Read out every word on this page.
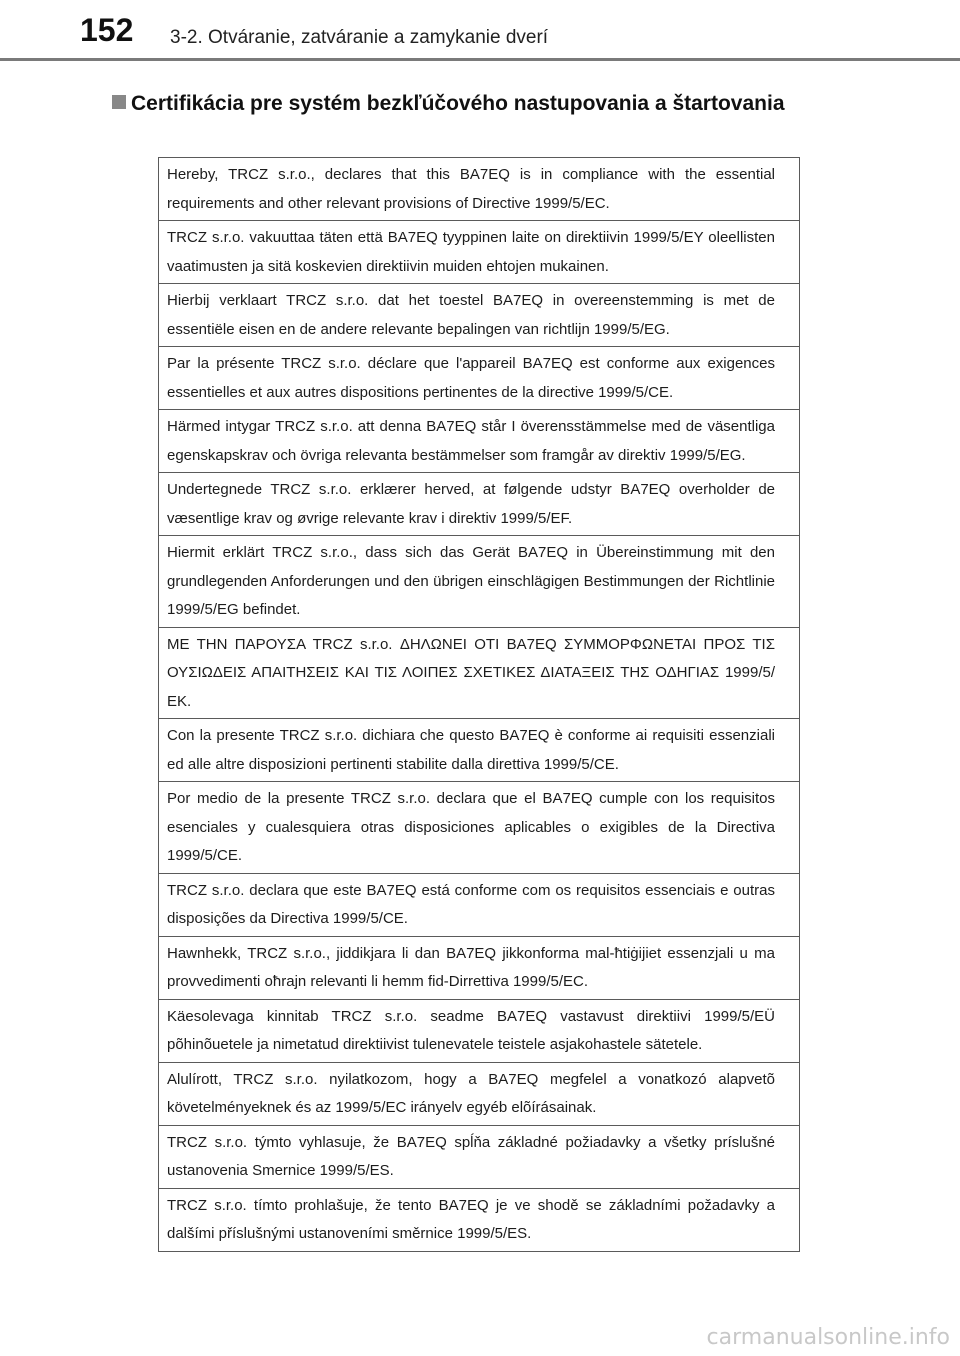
152 3-2. Otváranie, zatváranie a zamykanie dverí
Certifikácia pre systém bezkľúčového nastupovania a štartovania
Hereby, TRCZ s.r.o., declares that this BA7EQ is in compliance with the essential requirements and other relevant provisions of Directive 1999/5/EC.
TRCZ s.r.o. vakuuttaa täten että BA7EQ tyyppinen laite on direktiivin 1999/5/EY oleellisten vaatimusten ja sitä koskevien direktiivin muiden ehtojen mukainen.
Hierbij verklaart TRCZ s.r.o. dat het toestel BA7EQ in overeenstemming is met de essentiële eisen en de andere relevante bepalingen van richtlijn 1999/5/EG.
Par la présente TRCZ s.r.o. déclare que l'appareil BA7EQ est conforme aux exigences essentielles et aux autres dispositions pertinentes de la directive 1999/5/CE.
Härmed intygar TRCZ s.r.o. att denna BA7EQ står I överensstämmelse med de väsentliga egenskapskrav och övriga relevanta bestämmelser som framgår av direktiv 1999/5/EG.
Undertegnede TRCZ s.r.o. erklærer herved, at følgende udstyr BA7EQ overholder de væsentlige krav og øvrige relevante krav i direktiv 1999/5/EF.
Hiermit erklärt TRCZ s.r.o., dass sich das Gerät BA7EQ in Übereinstimmung mit den grundlegenden Anforderungen und den übrigen einschlägigen Bestimmungen der Richtlinie 1999/5/EG befindet.
ΜΕ ΤΗΝ ΠΑΡΟΥΣΑ TRCZ s.r.o. ΔΗΛΩΝΕΙ ΟΤΙ BA7EQ ΣΥΜΜΟΡΦΩΝΕΤΑΙ ΠΡΟΣ ΤΙΣ ΟΥΣΙΩΔΕΙΣ ΑΠΑΙΤΗΣΕΙΣ ΚΑΙ ΤΙΣ ΛΟΙΠΕΣ ΣΧΕΤΙΚΕΣ ΔΙΑΤΑΞΕΙΣ ΤΗΣ ΟΔΗΓΙΑΣ 1999/5/ΕΚ.
Con la presente TRCZ s.r.o. dichiara che questo BA7EQ è conforme ai requisiti essenziali ed alle altre disposizioni pertinenti stabilite dalla direttiva 1999/5/CE.
Por medio de la presente TRCZ s.r.o. declara que el BA7EQ cumple con los requisitos esenciales y cualesquiera otras disposiciones aplicables o exigibles de la Directiva 1999/5/CE.
TRCZ s.r.o. declara que este BA7EQ está conforme com os requisitos essenciais e outras disposições da Directiva 1999/5/CE.
Hawnhekk, TRCZ s.r.o., jiddikjara li dan BA7EQ jikkonforma mal-ħtiġijiet essenzjali u ma provvedimenti oħrajn relevanti li hemm fid-Dirrettiva 1999/5/EC.
Käesolevaga kinnitab TRCZ s.r.o. seadme BA7EQ vastavust direktiivi 1999/5/EÜ põhinõuetele ja nimetatud direktiivist tulenevatele teistele asjakohastele sätetele.
Alulírott, TRCZ s.r.o. nyilatkozom, hogy a BA7EQ megfelel a vonatkozó alapvetõ követelményeknek és az 1999/5/EC irányelv egyéb elõírásainak.
TRCZ s.r.o. týmto vyhlasuje, že BA7EQ spĺňa základné požiadavky a všetky príslušné ustanovenia Smernice 1999/5/ES.
TRCZ s.r.o. tímto prohlašuje, že tento BA7EQ je ve shodě se základními požadavky a dalšími příslušnými ustanoveními směrnice 1999/5/ES.
carmanualsonline.info
